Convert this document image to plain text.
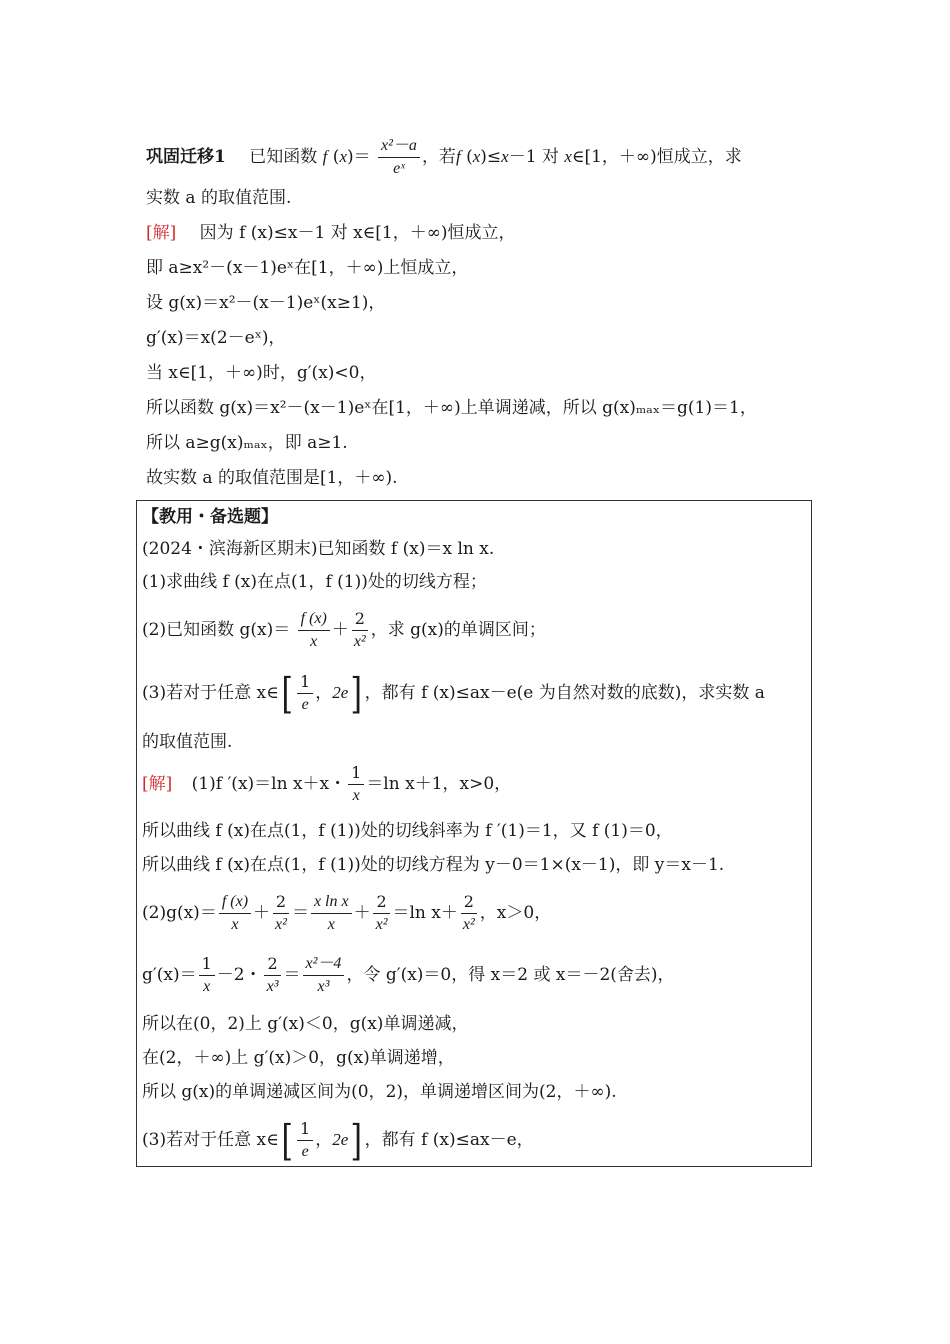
巩固迁移1 已知函数 f $(x)= \frac{\text{x²－a}}{\text{eˣ}}$ ，若f (x)≤x－1 对 x∈[1，＋∞)恒成立，求
实数 a 的取值范围.
[解] 因为 f (x)≤x－1 对 x∈[1，＋∞)恒成立，
即 a≥x²－(x－1)eˣ在[1，＋∞)上恒成立，
设 g(x)＝x²－(x－1)eˣ(x≥1)，
g′(x)＝x(2－eˣ)，
当 x∈[1，＋∞)时，g′(x)<0，
所以函数 g(x)＝x²－(x－1)eˣ在[1，＋∞)上单调递减，所以 g(x)ₘₐₓ＝g(1)＝1，
所以 a≥g(x)ₘₐₓ，即 a≥1.
故实数 a 的取值范围是[1，＋∞).
【教用・备选题】
(2024・滨海新区期末)已知函数 f (x)＝x ln x.
(1)求曲线 f (x)在点(1，f (1))处的切线方程；
(2)已知函数 $g(x)= \frac{f (x)}{x} + \frac{2}{\text{x²}}$ ，求 g(x)的单调区间；
(3)若对于任意 x∈[ $\frac{1}{e}$ ，2e] ，都有 f (x)≤ax－e(e 为自然对数的底数)，求实数 a
的取值范围.
[解] (1)f ′(x)＝ln x＋x・ $\frac{1}{x} =\ln$ x＋1，x>0，
所以曲线 f (x)在点(1，f (1))处的切线斜率为 f ′(1)＝1，又 f (1)＝0，
所以曲线 f (x)在点(1，f (1))处的切线方程为 y－0＝1×(x－1)，即 y＝x－1.
$(2)g(x)= \frac{f (x)}{x} + \frac{2}{\text{x²}} = \frac{\text{x ln x}}{x} + \frac{2}{\text{x²}} =\ln$ $x+ \frac{2}{\text{x²}}$ ，x＞0，
$g'(x)= \frac{1}{x} -2$・ $\frac{2}{\text{x³}} = \frac{\text{x²－4}}{\text{x³}}$ ，令 g′(x)＝0，得 x＝2 或 x＝－2(舍去)，
所以在(0，2)上 g′(x)＜0，g(x)单调递减，
在(2，＋∞)上 g′(x)＞0，g(x)单调递增，
所以 g(x)的单调递减区间为(0，2)，单调递增区间为(2，＋∞).
(3)若对于任意 x∈[ $\frac{1}{e}$ ，2e] ，都有 f (x)≤ax－e，
